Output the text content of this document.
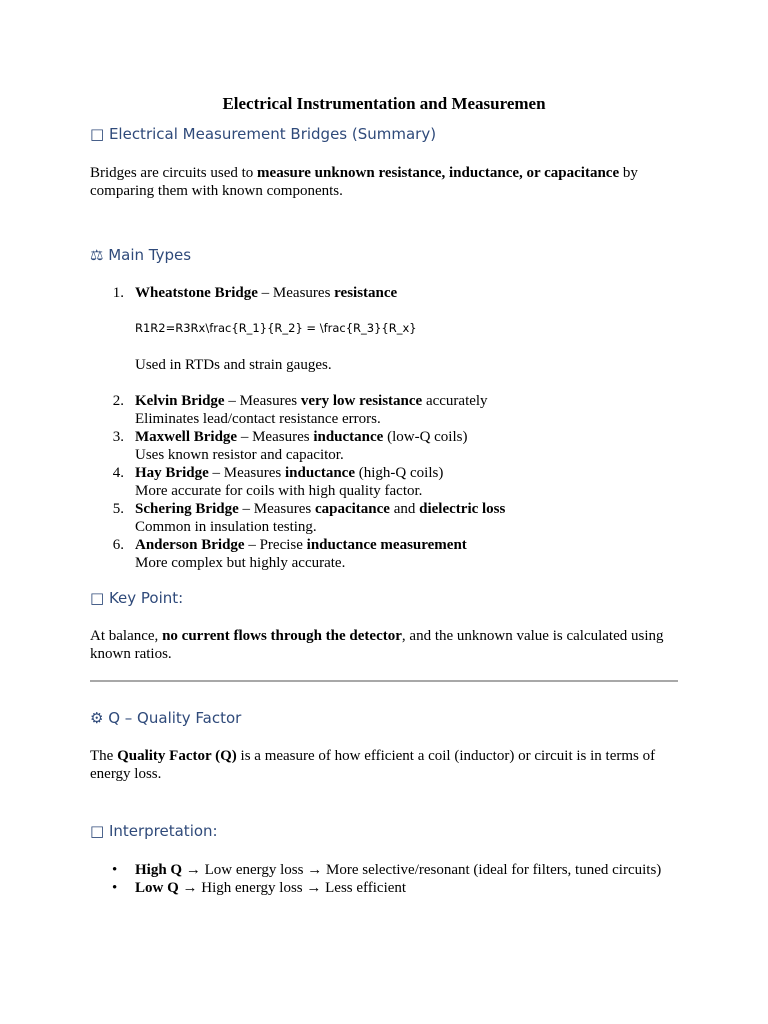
Electrical Instrumentation and Measuremen
□ Electrical Measurement Bridges (Summary)

Bridges are circuits used to measure unknown resistance, inductance, or capacitance by comparing them with known components.

⚖ Main Types
1. Wheatstone Bridge – Measures resistance
R1R2=R3Rx\frac{R_1}{R_2} = \frac{R_3}{R_x}

Used in RTDs and strain gauges.

2. Kelvin Bridge – Measures very low resistance accurately
Eliminates lead/contact resistance errors.
3. Maxwell Bridge – Measures inductance (low-Q coils)
Uses known resistor and capacitor.
4. Hay Bridge – Measures inductance (high-Q coils)
More accurate for coils with high quality factor.
5. Schering Bridge – Measures capacitance and dielectric loss
Common in insulation testing.
6. Anderson Bridge – Precise inductance measurement
More complex but highly accurate.
□ Key Point:

At balance, no current flows through the detector, and the unknown value is calculated using known ratios.

⚙ Q – Quality Factor

The Quality Factor (Q) is a measure of how efficient a coil (inductor) or circuit is in terms of energy loss.

□ Interpretation:
• High Q → Low energy loss → More selective/resonant (ideal for filters, tuned circuits)
• Low Q → High energy loss → Less efficient
